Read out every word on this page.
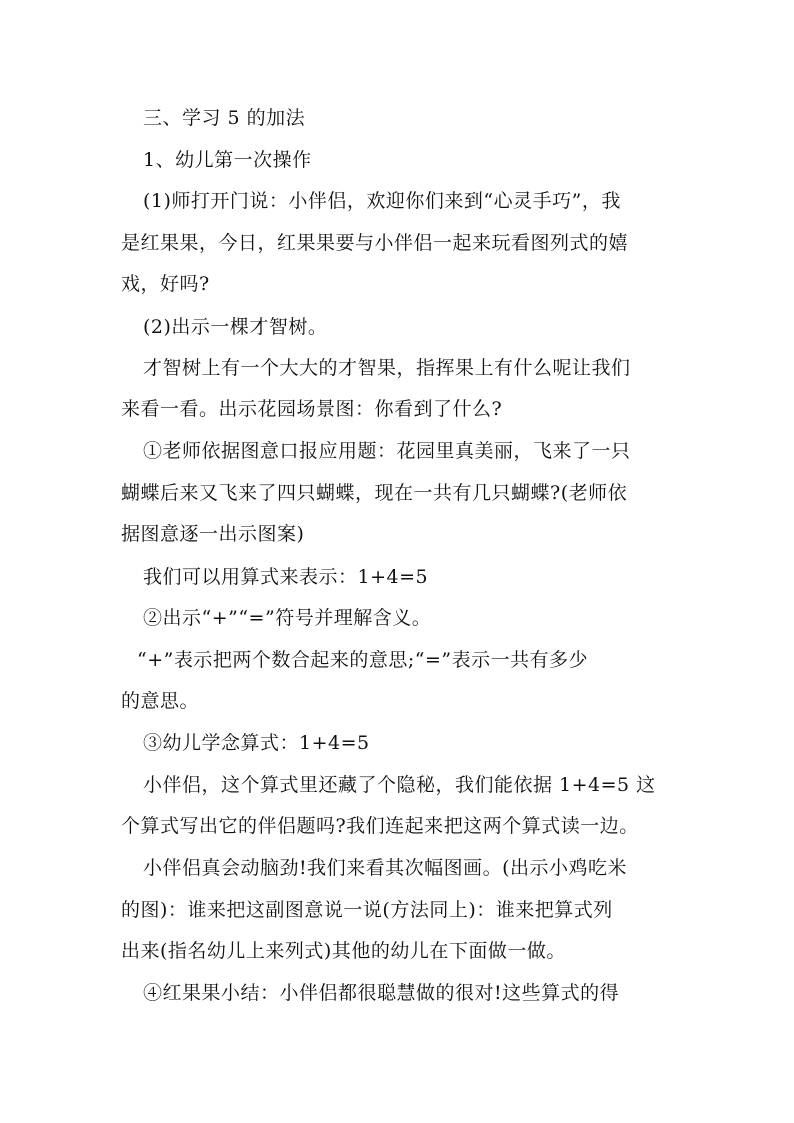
三、学习 5 的加法
1、幼儿第一次操作
(1)师打开门说：小伴侣，欢迎你们来到“心灵手巧”，我
是红果果，今日，红果果要与小伴侣一起来玩看图列式的嬉
戏，好吗?
(2)出示一棵才智树。
才智树上有一个大大的才智果，指挥果上有什么呢让我们
来看一看。出示花园场景图：你看到了什么?
①老师依据图意口报应用题：花园里真美丽，飞来了一只
蝴蝶后来又飞来了四只蝴蝶，现在一共有几只蝴蝶?(老师依
据图意逐一出示图案)
我们可以用算式来表示：1+4=5
②出示“+”“=”符号并理解含义。
“+”表示把两个数合起来的意思;“=”表示一共有多少
的意思。
③幼儿学念算式：1+4=5
小伴侣，这个算式里还藏了个隐秘，我们能依据 1+4=5 这
个算式写出它的伴侣题吗?我们连起来把这两个算式读一边。
小伴侣真会动脑劲!我们来看其次幅图画。(出示小鸡吃米
的图)：谁来把这副图意说一说(方法同上)：谁来把算式列
出来(指名幼儿上来列式)其他的幼儿在下面做一做。
④红果果小结：小伴侣都很聪慧做的很对!这些算式的得
